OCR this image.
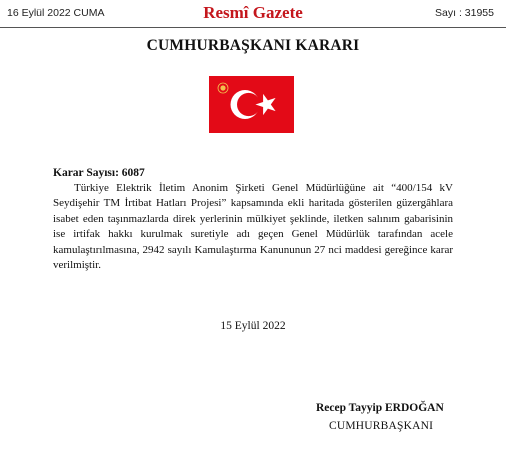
16 Eylül 2022 CUMA	Resmî Gazete	Sayı : 31955
CUMHURBAŞKANI KARARI
Karar Sayısı: 6087
Türkiye Elektrik İletim Anonim Şirketi Genel Müdürlüğüne ait “400/154 kV Seydişehir TM İrtibat Hatları Projesi” kapsamında ekli haritada gösterilen güzergâhlara isabet eden taşınmazlarda direk yerlerinin mülkiyet şeklinde, iletken salınım gabarisinin ise irtifak hakkı kurulmak suretiyle adı geçen Genel Müdürlük tarafından acele kamulaştırılmasına, 2942 sayılı Kamulaştırma Kanununun 27 nci maddesi gereğince karar verilmiştir.
15 Eylül 2022
Recep Tayyip ERDOĞAN
CUMHURBAŞKANI
